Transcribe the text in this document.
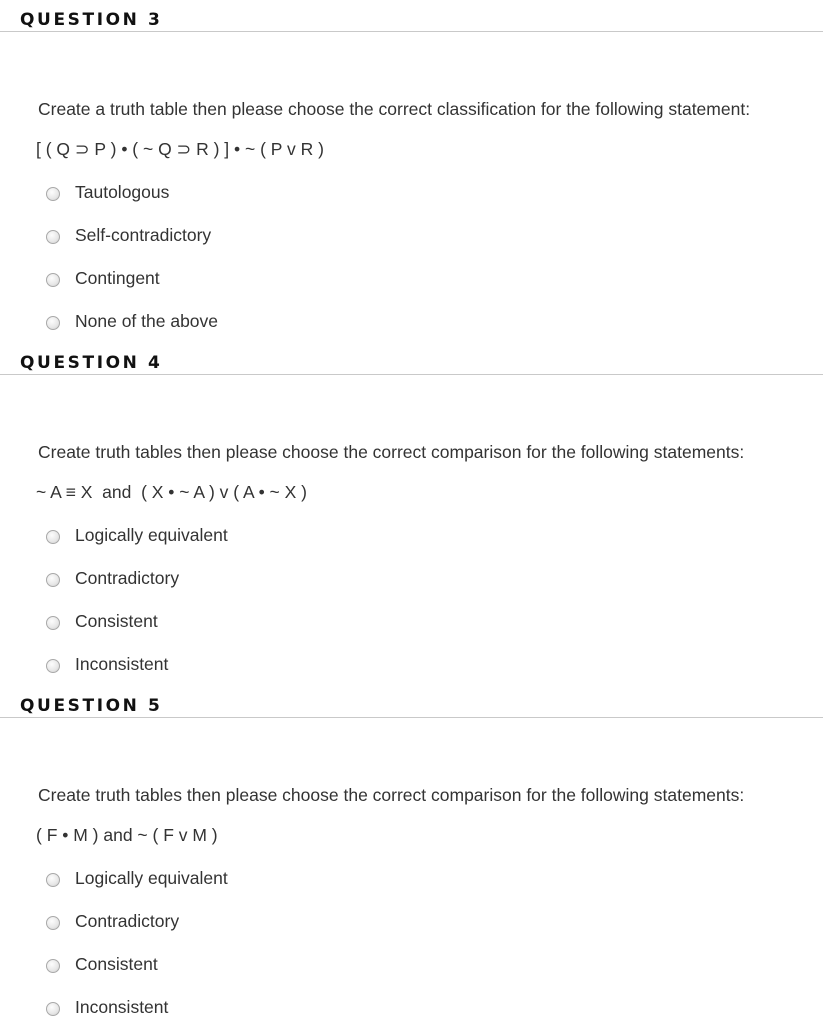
QUESTION 3
Create a truth table then please choose the correct classification for the following statement:
[ ( Q ⊃ P ) • ( ~ Q ⊃ R ) ] • ~ ( P v R )
Tautologous
Self-contradictory
Contingent
None of the above
QUESTION 4
Create truth tables then please choose the correct comparison for the following statements:
~ A ≡ X  and  ( X • ~ A ) v ( A • ~ X )
Logically equivalent
Contradictory
Consistent
Inconsistent
QUESTION 5
Create truth tables then please choose the correct comparison for the following statements:
( F • M ) and ~ ( F v M )
Logically equivalent
Contradictory
Consistent
Inconsistent
